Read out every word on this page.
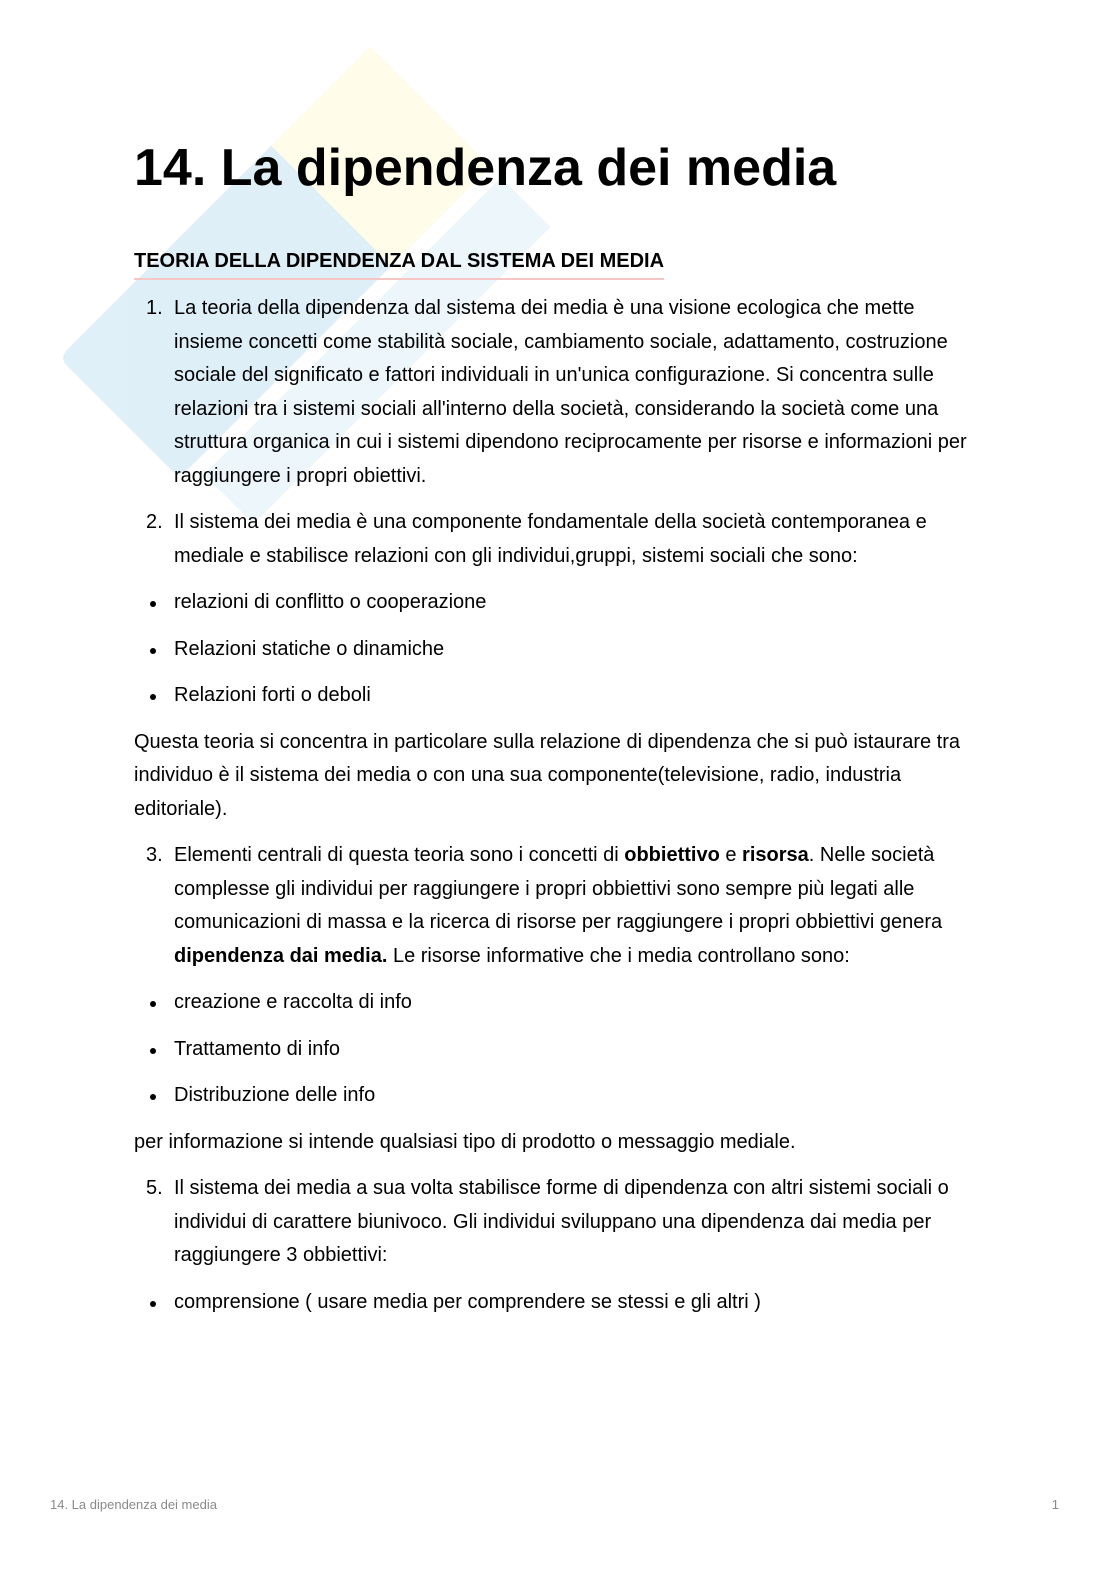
14. La dipendenza dei media
TEORIA DELLA DIPENDENZA DAL SISTEMA DEI MEDIA
1. La teoria della dipendenza dal sistema dei media è una visione ecologica che mette insieme concetti come stabilità sociale, cambiamento sociale, adattamento, costruzione sociale del significato e fattori individuali in un'unica configurazione. Si concentra sulle relazioni tra i sistemi sociali all'interno della società, considerando la società come una struttura organica in cui i sistemi dipendono reciprocamente per risorse e informazioni per raggiungere i propri obiettivi.
2. Il sistema dei media è una componente fondamentale della società contemporanea e mediale e stabilisce relazioni con gli individui,gruppi, sistemi sociali che sono:
relazioni di conflitto o cooperazione
Relazioni statiche o dinamiche
Relazioni forti o deboli
Questa teoria si concentra in particolare sulla relazione di dipendenza che si può istaurare tra individuo è il sistema dei media o con una sua componente(televisione, radio, industria editoriale).
3. Elementi centrali di questa teoria sono i concetti di obbiettivo e risorsa. Nelle società complesse gli individui per raggiungere i propri obbiettivi sono sempre più legati alle comunicazioni di massa e la ricerca di risorse per raggiungere i propri obbiettivi genera dipendenza dai media. Le risorse informative che i media controllano sono:
creazione e raccolta di info
Trattamento di info
Distribuzione delle info
per informazione si intende qualsiasi tipo di prodotto o messaggio mediale.
5. Il sistema dei media a sua volta stabilisce forme di dipendenza con altri sistemi sociali o individui di carattere biunivoco. Gli individui sviluppano una dipendenza dai media per raggiungere 3 obbiettivi:
comprensione ( usare media per comprendere se stessi e gli altri )
14. La dipendenza dei media	1
